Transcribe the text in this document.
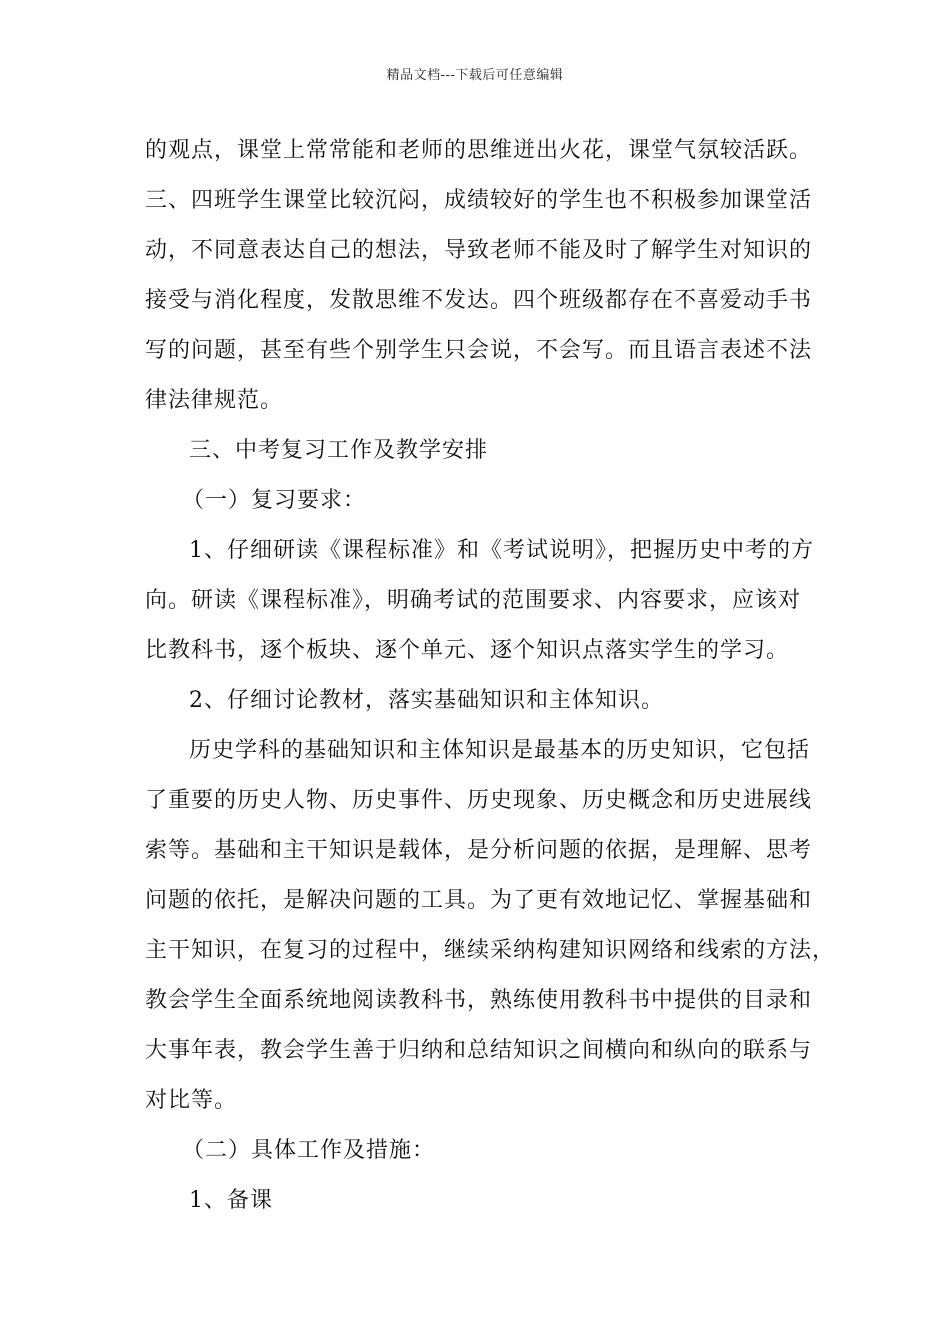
精品文档---下载后可任意编辑
的观点，课堂上常常能和老师的思维迸出火花，课堂气氛较活跃。
三、四班学生课堂比较沉闷，成绩较好的学生也不积极参加课堂活
动，不同意表达自己的想法，导致老师不能及时了解学生对知识的
接受与消化程度，发散思维不发达。四个班级都存在不喜爱动手书
写的问题，甚至有些个别学生只会说，不会写。而且语言表述不法
律法律规范。
三、中考复习工作及教学安排
（一）复习要求：
1、仔细研读《课程标准》和《考试说明》，把握历史中考的方
向。研读《课程标准》，明确考试的范围要求、内容要求，应该对
比教科书，逐个板块、逐个单元、逐个知识点落实学生的学习。
2、仔细讨论教材，落实基础知识和主体知识。
历史学科的基础知识和主体知识是最基本的历史知识，它包括
了重要的历史人物、历史事件、历史现象、历史概念和历史进展线
索等。基础和主干知识是载体，是分析问题的依据，是理解、思考
问题的依托，是解决问题的工具。为了更有效地记忆、掌握基础和
主干知识，在复习的过程中，继续采纳构建知识网络和线索的方法，
教会学生全面系统地阅读教科书，熟练使用教科书中提供的目录和
大事年表，教会学生善于归纳和总结知识之间横向和纵向的联系与
对比等。
（二）具体工作及措施：
1、备课
